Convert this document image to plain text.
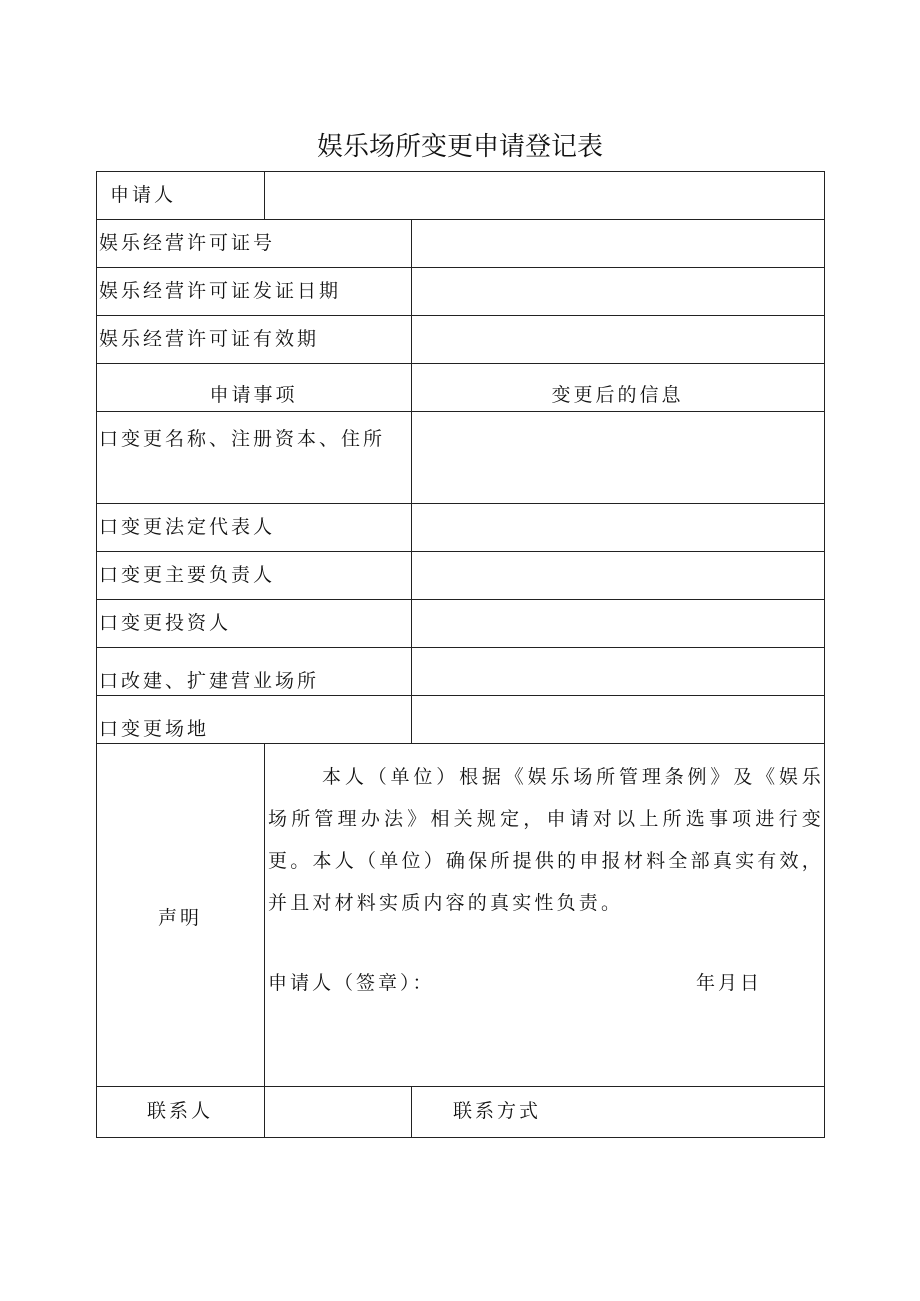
娱乐场所变更申请登记表
申请人
娱乐经营许可证号
娱乐经营许可证发证日期
娱乐经营许可证有效期
申请事项	变更后的信息
口变更名称、注册资本、住所
口变更法定代表人
口变更主要负责人
口变更投资人
口改建、扩建营业场所
口变更场地
声明
本人（单位）根据《娱乐场所管理条例》及《娱乐场所管理办法》相关规定，申请对以上所选事项进行变更。本人（单位）确保所提供的申报材料全部真实有效，并且对材料实质内容的真实性负责。
申请人（签章）：	年月日
联系人	联系方式
